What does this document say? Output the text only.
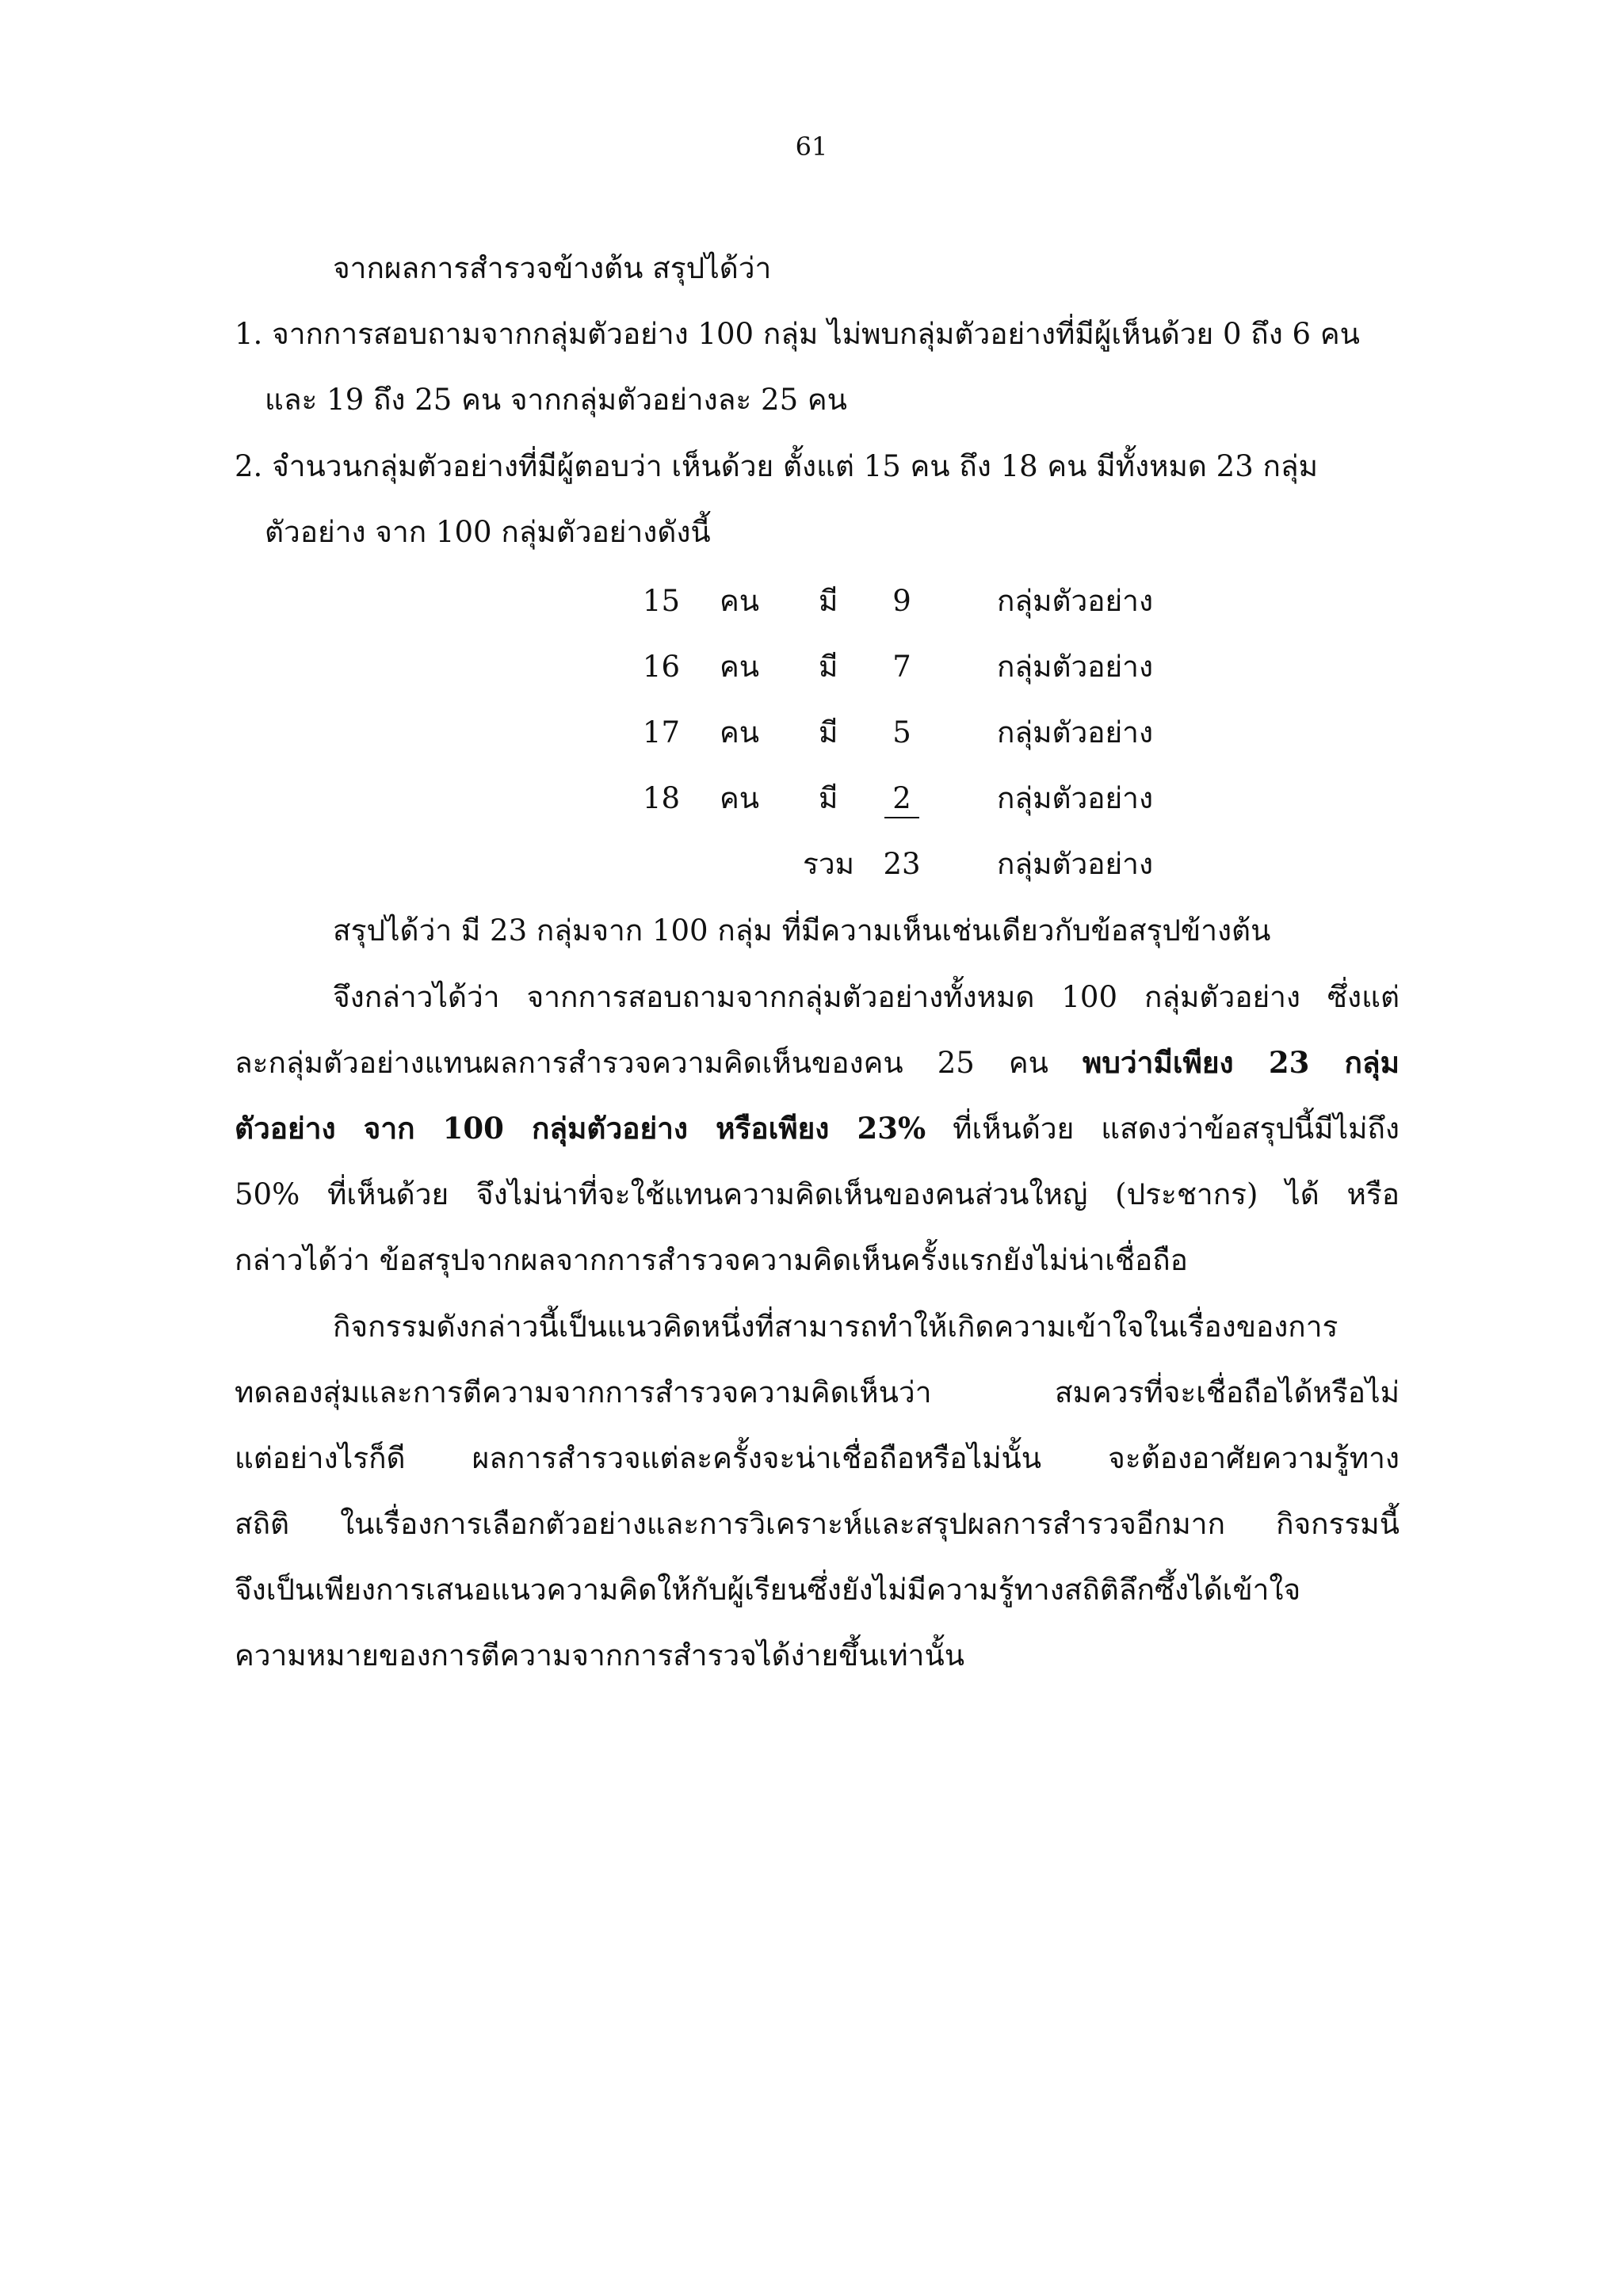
61
จากผลการสำรวจข้างต้น สรุปได้ว่า
1. จากการสอบถามจากกลุ่มตัวอย่าง 100 กลุ่ม ไม่พบกลุ่มตัวอย่างที่มีผู้เห็นด้วย 0 ถึง 6 คน
และ 19 ถึง 25 คน จากกลุ่มตัวอย่างละ 25 คน
2. จำนวนกลุ่มตัวอย่างที่มีผู้ตอบว่า เห็นด้วย ตั้งแต่ 15 คน ถึง 18 คน มีทั้งหมด 23 กลุ่ม
ตัวอย่าง จาก 100 กลุ่มตัวอย่างดังนี้
15 คน มี	9	กลุ่มตัวอย่าง
16 คน มี	7	กลุ่มตัวอย่าง
17 คน มี	5	กลุ่มตัวอย่าง
18 คน มี	2	กลุ่มตัวอย่าง
รวม 23	กลุ่มตัวอย่าง
สรุปได้ว่า มี 23 กลุ่มจาก 100 กลุ่ม ที่มีความเห็นเช่นเดียวกับข้อสรุปข้างต้น
จึงกล่าวได้ว่า จากการสอบถามจากกลุ่มตัวอย่างทั้งหมด 100 กลุ่มตัวอย่าง ซึ่งแต่
ละกลุ่มตัวอย่างแทนผลการสำรวจความคิดเห็นของคน 25 คน พบว่ามีเพียง 23 กลุ่ม
ตัวอย่าง จาก 100 กลุ่มตัวอย่าง หรือเพียง 23% ที่เห็นด้วย แสดงว่าข้อสรุปนี้มีไม่ถึง
50% ที่เห็นด้วย จึงไม่น่าที่จะใช้แทนความคิดเห็นของคนส่วนใหญ่ (ประชากร) ได้ หรือ
กล่าวได้ว่า ข้อสรุปจากผลจากการสำรวจความคิดเห็นครั้งแรกยังไม่น่าเชื่อถือ
กิจกรรมดังกล่าวนี้เป็นแนวคิดหนึ่งที่สามารถทำให้เกิดความเข้าใจในเรื่องของการ
ทดลองสุ่มและการตีความจากการสำรวจความคิดเห็นว่า สมควรที่จะเชื่อถือได้หรือไม่
แต่อย่างไรก็ดี ผลการสำรวจแต่ละครั้งจะน่าเชื่อถือหรือไม่นั้น จะต้องอาศัยความรู้ทาง
สถิติ ในเรื่องการเลือกตัวอย่างและการวิเคราะห์และสรุปผลการสำรวจอีกมาก กิจกรรมนี้
จึงเป็นเพียงการเสนอแนวความคิดให้กับผู้เรียนซึ่งยังไม่มีความรู้ทางสถิติลึกซึ้งได้เข้าใจ
ความหมายของการตีความจากการสำรวจได้ง่ายขึ้นเท่านั้น
